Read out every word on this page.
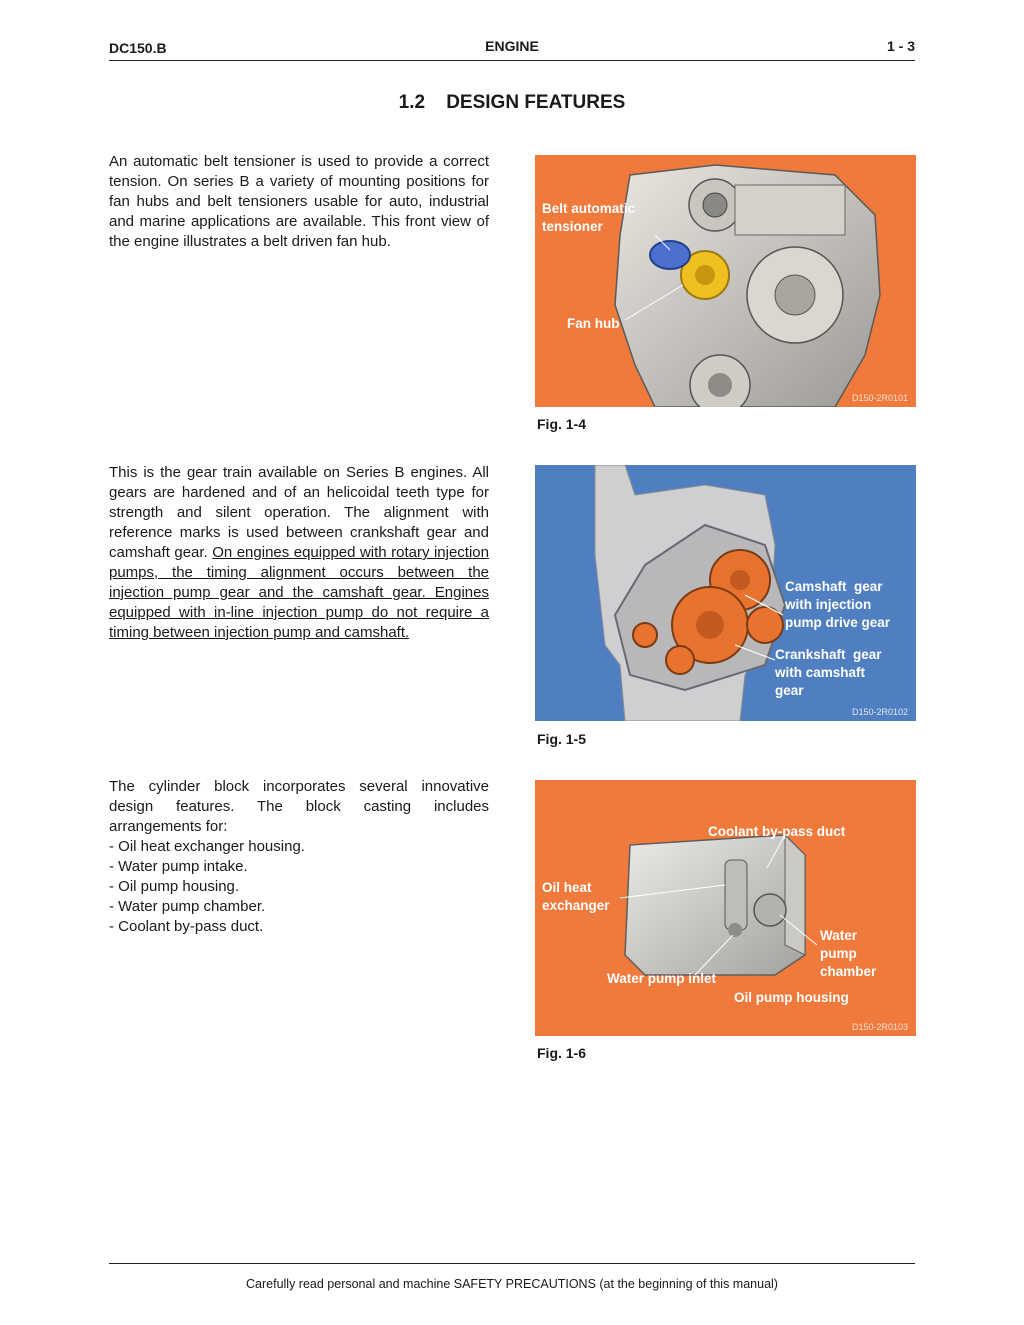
DC150.B	ENGINE	1 - 3
1.2    DESIGN FEATURES
An automatic belt tensioner is used to provide a correct tension. On series B a variety of mounting positions for fan hubs and belt tensioners usable for auto, industrial and marine applications are available. This front view of the engine illustrates a belt driven fan hub.
Belt automatic
tensioner
Fan hub
D150-2R0101
Fig. 1-4
This is the gear train available on Series B engines. All gears are hardened and of an helicoidal teeth type for strength and silent operation. The alignment with reference marks is used between crankshaft gear and camshaft gear. On engines equipped with rotary injection pumps, the timing alignment occurs between the injection pump gear and the camshaft gear. Engines equipped with in-line injection pump do not require a timing between injection pump and camshaft.
Camshaft  gear
with injection
pump drive gear
Crankshaft  gear
with camshaft
gear
D150-2R0102
Fig. 1-5
The cylinder block incorporates several innovative design features. The block casting includes arrangements for:
- Oil heat exchanger housing.
- Water pump intake.
- Oil pump housing.
- Water pump chamber.
- Coolant by-pass duct.
Coolant by-pass duct
Oil heat
exchanger
Water
pump
chamber
Water pump inlet
Oil pump housing
D150-2R0103
Fig. 1-6
Carefully read personal and machine SAFETY PRECAUTIONS (at the beginning of this manual)
